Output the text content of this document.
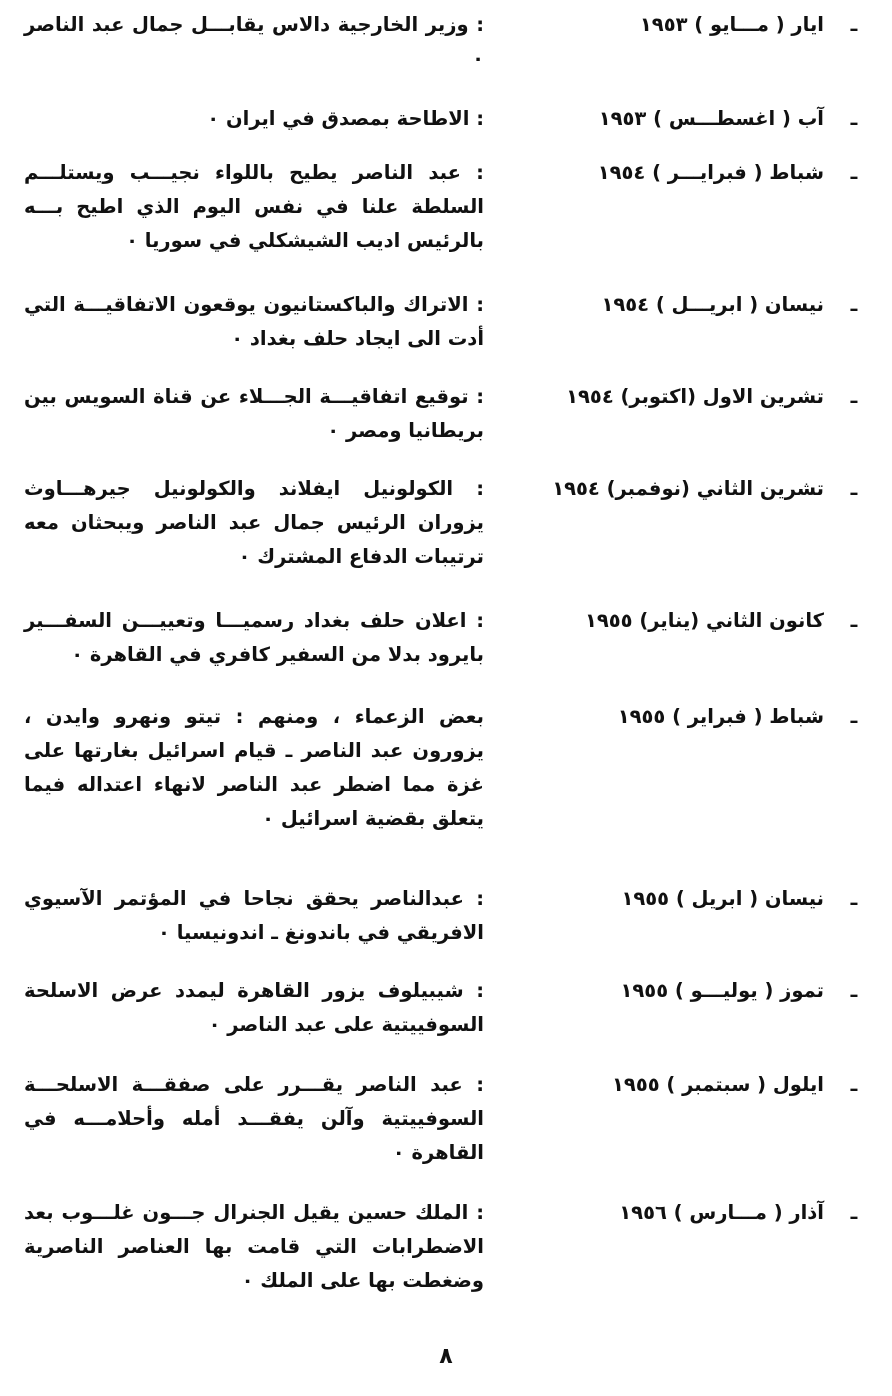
ـ
ايار ( مـــايو ) ١٩٥٣
: وزير الخارجية دالاس يقابـــل جمال عبد الناصر ٠
ـ
آب ( اغسطـــس ) ١٩٥٣
: الاطاحة بمصدق في ايران ٠
ـ
شباط ( فبرايـــر ) ١٩٥٤
: عبد الناصر يطيح باللواء نجيـــب ويستلـــم السلطة علنا في نفس اليوم الذي اطيح بـــه بالرئيس اديب الشيشكلي في سوريا ٠
ـ
نيسان ( ابريـــل ) ١٩٥٤
: الاتراك والباكستانيون يوقعون الاتفاقيـــة التي أدت الى ايجاد حلف بغداد ٠
ـ
تشرين الاول (اكتوبر) ١٩٥٤
: توقيع اتفاقيـــة الجـــلاء عن قناة السويس بين بريطانيا ومصر ٠
ـ
تشرين الثاني (نوفمبر) ١٩٥٤
: الكولونيل ايفلاند والكولونيل جيرهـــاوث يزوران الرئيس جمال عبد الناصر ويبحثان معه ترتيبات الدفاع المشترك ٠
ـ
كانون الثاني (يناير) ١٩٥٥
: اعلان حلف بغداد رسميـــا وتعييـــن السفـــير بايرود بدلا من السفير كافري في القاهرة ٠
ـ
شباط ( فبراير ) ١٩٥٥
بعض الزعماء ، ومنهم : تيتو ونهرو وايدن ، يزورون عبد الناصر ـ قيام اسرائيل بغارتها على غزة مما اضطر عبد الناصر لانهاء اعتداله فيما يتعلق بقضية اسرائيل ٠
ـ
نيسان ( ابريل ) ١٩٥٥
: عبدالناصر يحقق نجاحا في المؤتمر الآسيوي الافريقي في باندونغ ـ اندونيسيا ٠
ـ
تموز ( يوليـــو ) ١٩٥٥
: شيبيلوف يزور القاهرة ليمدد عرض الاسلحة السوفييتية على عبد الناصر ٠
ـ
ايلول ( سبتمبر ) ١٩٥٥
: عبد الناصر يقـــرر على صفقـــة الاسلحـــة السوفييتية وآلن يفقـــد أمله وأحلامـــه في القاهرة ٠
ـ
آذار ( مـــارس ) ١٩٥٦
: الملك حسين يقيل الجنرال جـــون غلـــوب بعد الاضطرابات التي قامت بها العناصر الناصرية وضغطت بها على الملك ٠
٨
